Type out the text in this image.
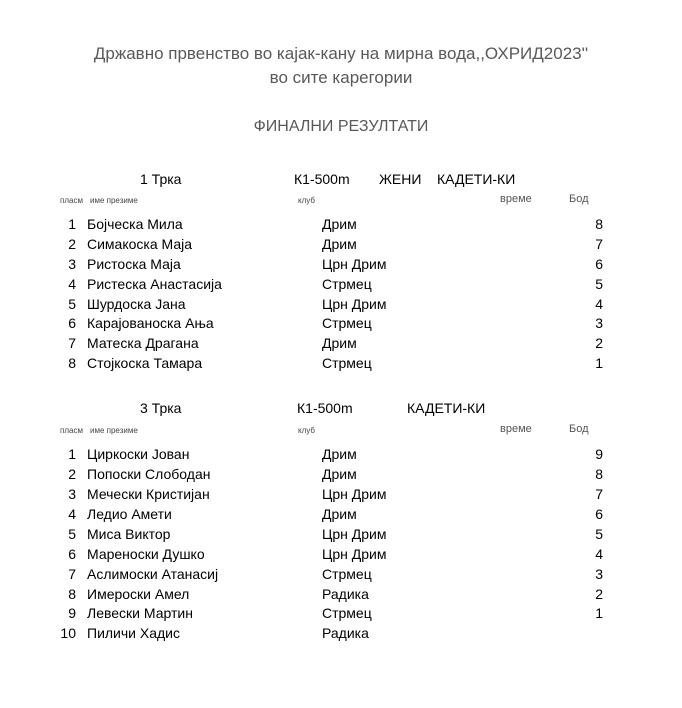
Државно првенство во кајак-кану на мирна вода,,ОХРИД2023''
во сите карегории
ФИНАЛНИ РЕЗУЛТАТИ
1 Трка	К1-500m ЖЕНИ КАДЕТИ-КИ
пласм име презиме	клуб	време	Бод
1 Бојческа Мила	Дрим	8
2 Симакоска Маја	Дрим	7
3 Ристоска Маја	Црн Дрим	6
4 Ристеска Анастасија	Стрмец	5
5 Шурдоска Јана	Црн Дрим	4
6 Карајованоска Ања	Стрмец	3
7 Матеска Драгана	Дрим	2
8 Стојкоска Тамара	Стрмец	1
3 Трка	К1-500m	КАДЕТИ-КИ
пласм име презиме	клуб	време	Бод
1 Циркоски Јован	Дрим	9
2 Попоски Слободан	Дрим	8
3 Мечески Кристијан	Црн Дрим	7
4 Ледио Амети	Дрим	6
5 Миса Виктор	Црн Дрим	5
6 Мареноски Душко	Црн Дрим	4
7 Аслимоски Атанасиј	Стрмец	3
8 Имероски Амел	Радика	2
9 Левески Мартин	Стрмец	1
10 Пиличи Хадис	Радика
